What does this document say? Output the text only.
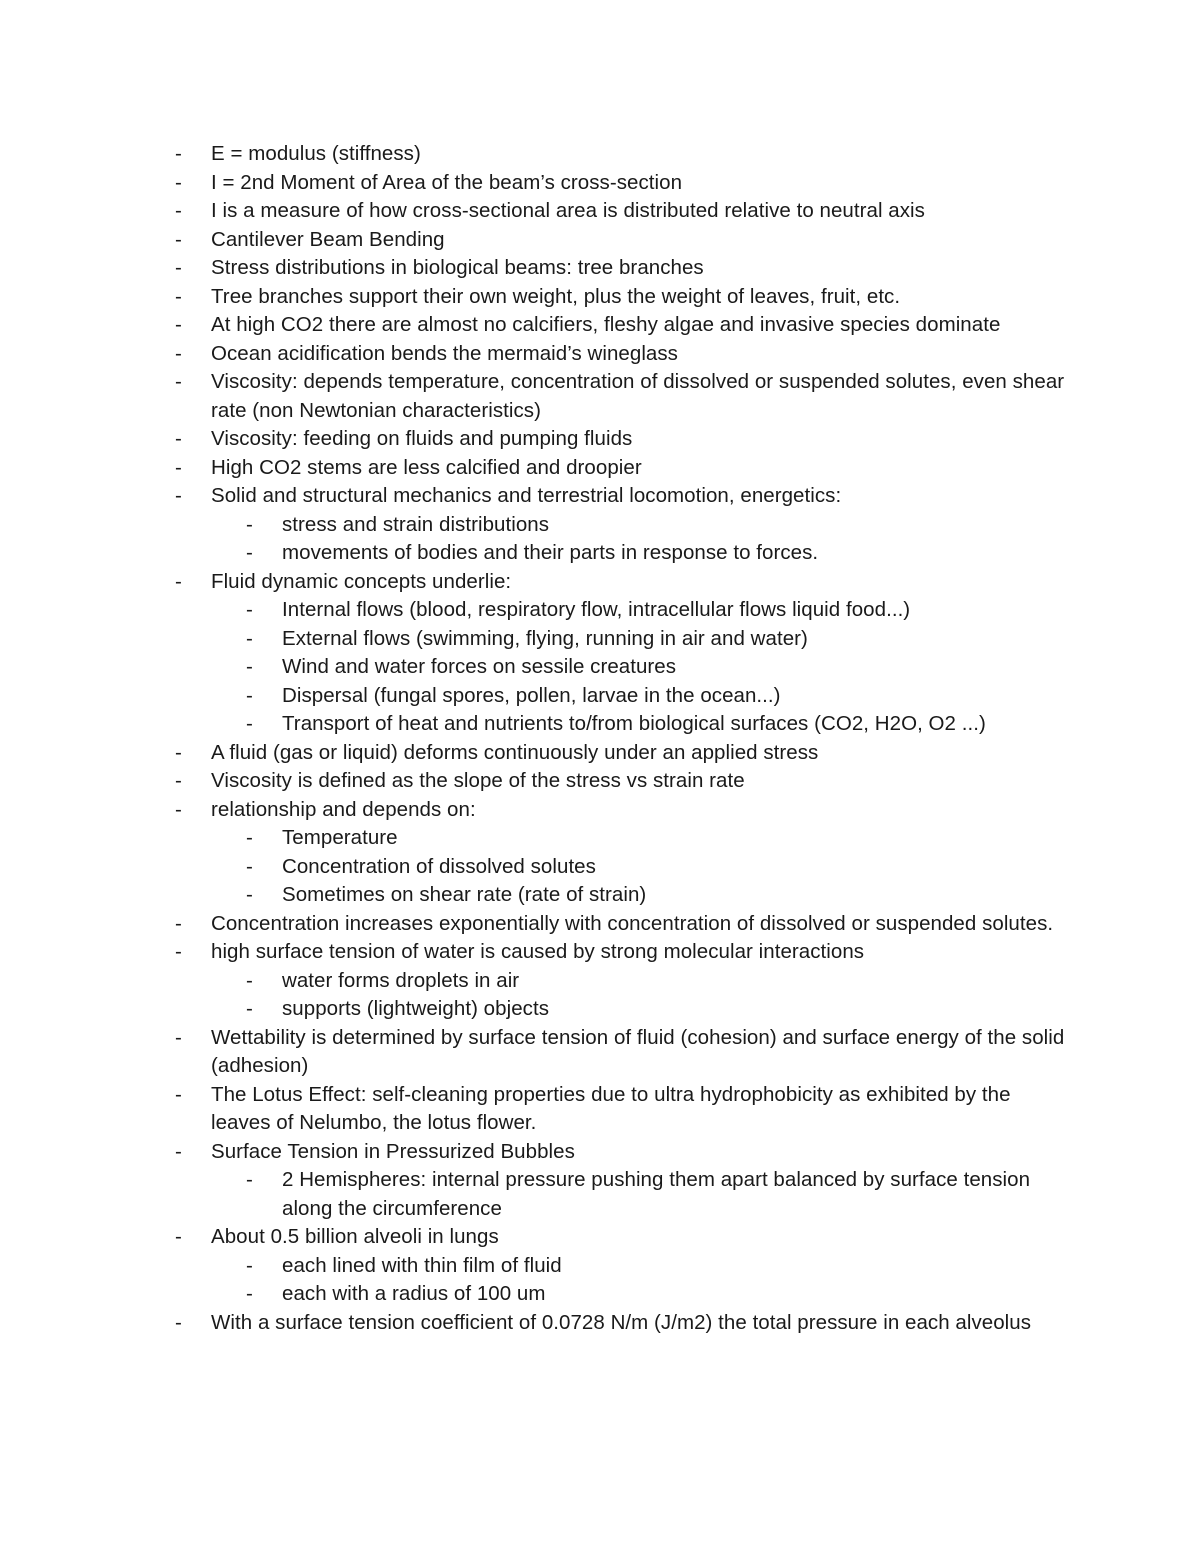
- E = modulus (stiffness)
- I = 2nd Moment of Area of the beam’s cross-section
- I is a measure of how cross-sectional area is distributed relative to neutral axis
- Cantilever Beam Bending
- Stress distributions in biological beams: tree branches
- Tree branches support their own weight, plus the weight of leaves, fruit, etc.
- At high CO2 there are almost no calcifiers, fleshy algae and invasive species dominate
- Ocean acidification bends the mermaid’s wineglass
- Viscosity: depends temperature, concentration of dissolved or suspended solutes, even shear rate (non Newtonian characteristics)
- Viscosity: feeding on fluids and pumping fluids
- High CO2 stems are less calcified and droopier
- Solid and structural mechanics and terrestrial locomotion, energetics:
- stress and strain distributions
- movements of bodies and their parts in response to forces.
- Fluid dynamic concepts underlie:
- Internal flows (blood, respiratory flow, intracellular flows liquid food...)
- External flows (swimming, flying, running in air and water)
- Wind and water forces on sessile creatures
- Dispersal (fungal spores, pollen, larvae in the ocean...)
- Transport of heat and nutrients to/from biological surfaces (CO2, H2O, O2 ...)
- A fluid (gas or liquid) deforms continuously under an applied stress
- Viscosity is defined as the slope of the stress vs strain rate
- relationship and depends on:
- Temperature
- Concentration of dissolved solutes
- Sometimes on shear rate (rate of strain)
- Concentration increases exponentially with concentration of dissolved or suspended solutes.
- high surface tension of water is caused by strong molecular interactions
- water forms droplets in air
- supports (lightweight) objects
- Wettability is determined by surface tension of fluid (cohesion) and surface energy of the solid (adhesion)
- The Lotus Effect: self-cleaning properties due to ultra hydrophobicity as exhibited by the leaves of Nelumbo, the lotus flower.
- Surface Tension in Pressurized Bubbles
- 2 Hemispheres: internal pressure pushing them apart balanced by surface tension along the circumference
- About 0.5 billion alveoli in lungs
- each lined with thin film of fluid
- each with a radius of 100 um
- With a surface tension coefficient of 0.0728 N/m (J/m2) the total pressure in each alveolus
